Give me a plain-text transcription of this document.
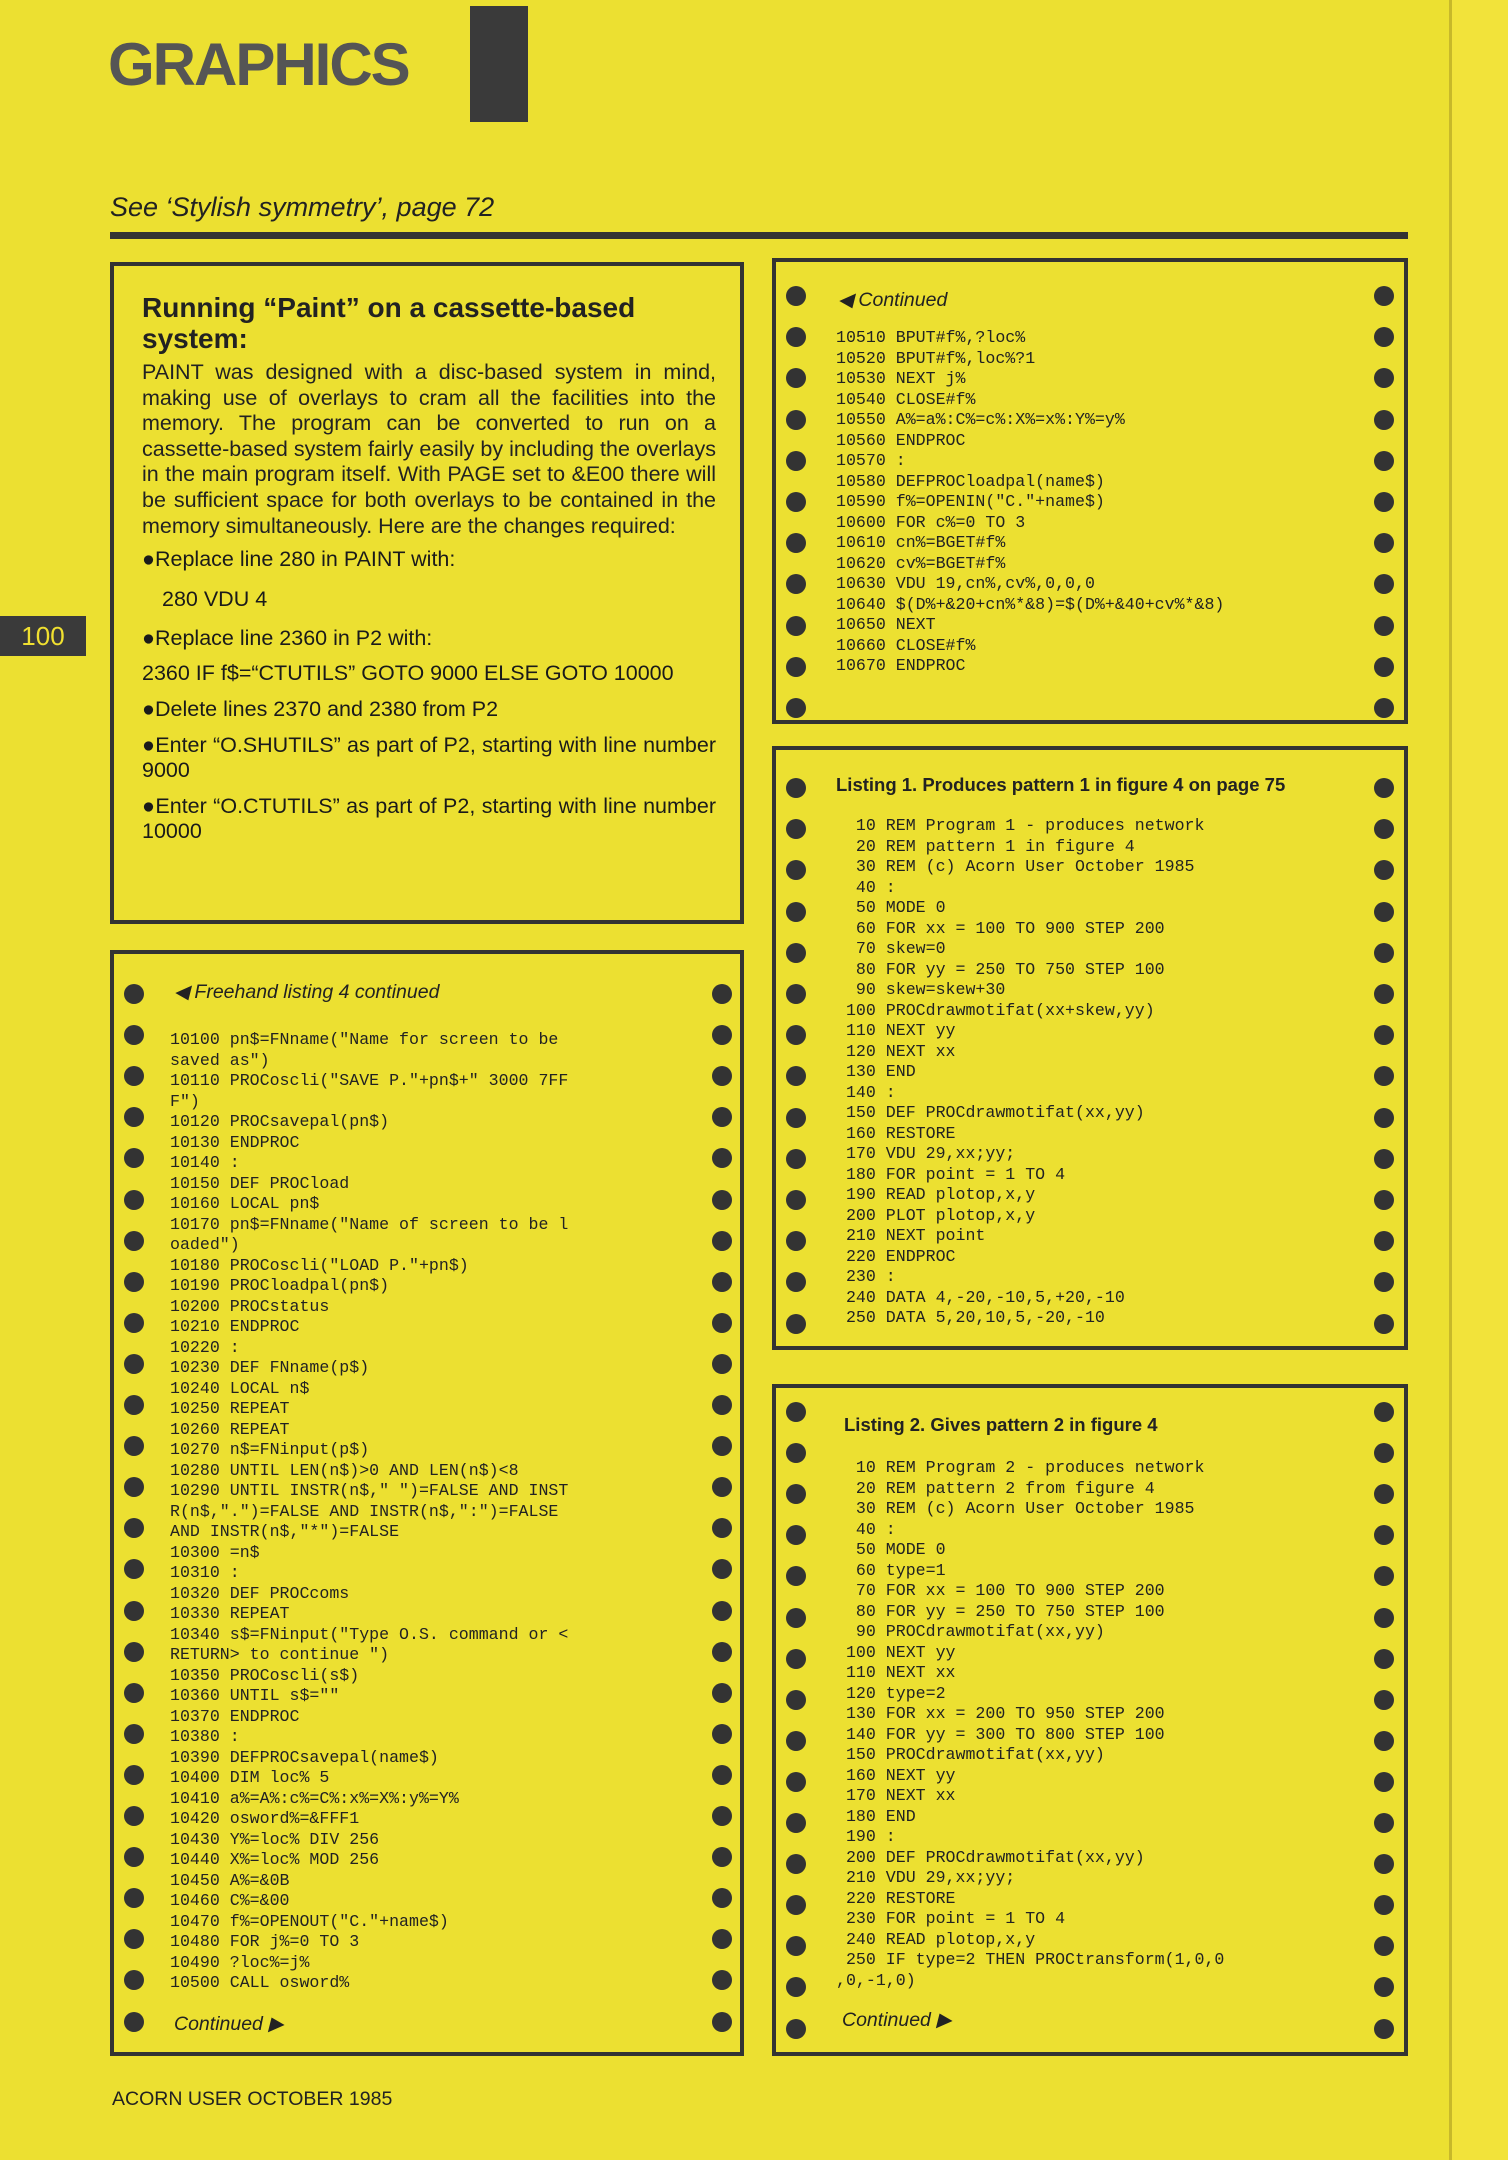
GRAPHICS
See ‘Stylish symmetry’, page 72
100
Running “Paint” on a cassette-based system:

PAINT was designed with a disc-based system in mind, making use of overlays to cram all the facilities into the memory. The program can be converted to run on a cassette-based system fairly easily by including the overlays in the main program itself. With PAGE set to &E00 there will be sufficient space for both overlays to be contained in the memory simultaneously. Here are the changes required:

●Replace line 280 in PAINT with:
280 VDU 4
●Replace line 2360 in P2 with:
2360 IF f$=“CTUTILS” GOTO 9000 ELSE GOTO 10000
●Delete lines 2370 and 2380 from P2
●Enter “O.SHUTILS” as part of P2, starting with line number 9000
●Enter “O.CTUTILS” as part of P2, starting with line number 10000
◀ Freehand listing 4 continued
10100 pn$=FNname("Name for screen to be
saved as")
10110 PROCoscli("SAVE P."+pn$+" 3000 7FF
F")
10120 PROCsavepal(pn$)
10130 ENDPROC
10140 :
10150 DEF PROCload
10160 LOCAL pn$
10170 pn$=FNname("Name of screen to be l
oaded")
10180 PROCoscli("LOAD P."+pn$)
10190 PROCloadpal(pn$)
10200 PROCstatus
10210 ENDPROC
10220 :
10230 DEF FNname(p$)
10240 LOCAL n$
10250 REPEAT
10260 REPEAT
10270 n$=FNinput(p$)
10280 UNTIL LEN(n$)>0 AND LEN(n$)<8
10290 UNTIL INSTR(n$," ")=FALSE AND INST
R(n$,".")=FALSE AND INSTR(n$,":")=FALSE
AND INSTR(n$,"*")=FALSE
10300 =n$
10310 :
10320 DEF PROCcoms
10330 REPEAT
10340 s$=FNinput("Type O.S. command or <
RETURN> to continue ")
10350 PROCoscli(s$)
10360 UNTIL s$=""
10370 ENDPROC
10380 :
10390 DEFPROCsavepal(name$)
10400 DIM loc% 5
10410 a%=A%:c%=C%:x%=X%:y%=Y%
10420 osword%=&FFF1
10430 Y%=loc% DIV 256
10440 X%=loc% MOD 256
10450 A%=&0B
10460 C%=&00
10470 f%=OPENOUT("C."+name$)
10480 FOR j%=0 TO 3
10490 ?loc%=j%
10500 CALL osword%
Continued ▶
◀ Continued
10510 BPUT#f%,?loc%
10520 BPUT#f%,loc%?1
10530 NEXT j%
10540 CLOSE#f%
10550 A%=a%:C%=c%:X%=x%:Y%=y%
10560 ENDPROC
10570 :
10580 DEFPROCloadpal(name$)
10590 f%=OPENIN("C."+name$)
10600 FOR c%=0 TO 3
10610 cn%=BGET#f%
10620 cv%=BGET#f%
10630 VDU 19,cn%,cv%,0,0,0
10640 $(D%+&20+cn%*&8)=$(D%+&40+cv%*&8)
10650 NEXT
10660 CLOSE#f%
10670 ENDPROC
Listing 1. Produces pattern 1 in figure 4 on page 75
10 REM Program 1 - produces network
20 REM pattern 1 in figure 4
30 REM (c) Acorn User October 1985
40 :
50 MODE 0
60 FOR xx = 100 TO 900 STEP 200
70 skew=0
80 FOR yy = 250 TO 750 STEP 100
90 skew=skew+30
100 PROCdrawmotifat(xx+skew,yy)
110 NEXT yy
120 NEXT xx
130 END
140 :
150 DEF PROCdrawmotifat(xx,yy)
160 RESTORE
170 VDU 29,xx;yy;
180 FOR point = 1 TO 4
190 READ plotop,x,y
200 PLOT plotop,x,y
210 NEXT point
220 ENDPROC
230 :
240 DATA 4,-20,-10,5,+20,-10
250 DATA 5,20,10,5,-20,-10
Listing 2. Gives pattern 2 in figure 4
10 REM Program 2 - produces network
20 REM pattern 2 from figure 4
30 REM (c) Acorn User October 1985
40 :
50 MODE 0
60 type=1
70 FOR xx = 100 TO 900 STEP 200
80 FOR yy = 250 TO 750 STEP 100
90 PROCdrawmotifat(xx,yy)
100 NEXT yy
110 NEXT xx
120 type=2
130 FOR xx = 200 TO 950 STEP 200
140 FOR yy = 300 TO 800 STEP 100
150 PROCdrawmotifat(xx,yy)
160 NEXT yy
170 NEXT xx
180 END
190 :
200 DEF PROCdrawmotifat(xx,yy)
210 VDU 29,xx;yy;
220 RESTORE
230 FOR point = 1 TO 4
240 READ plotop,x,y
250 IF type=2 THEN PROCtransform(1,0,0
,0,-1,0)
Continued ▶
ACORN USER OCTOBER 1985
